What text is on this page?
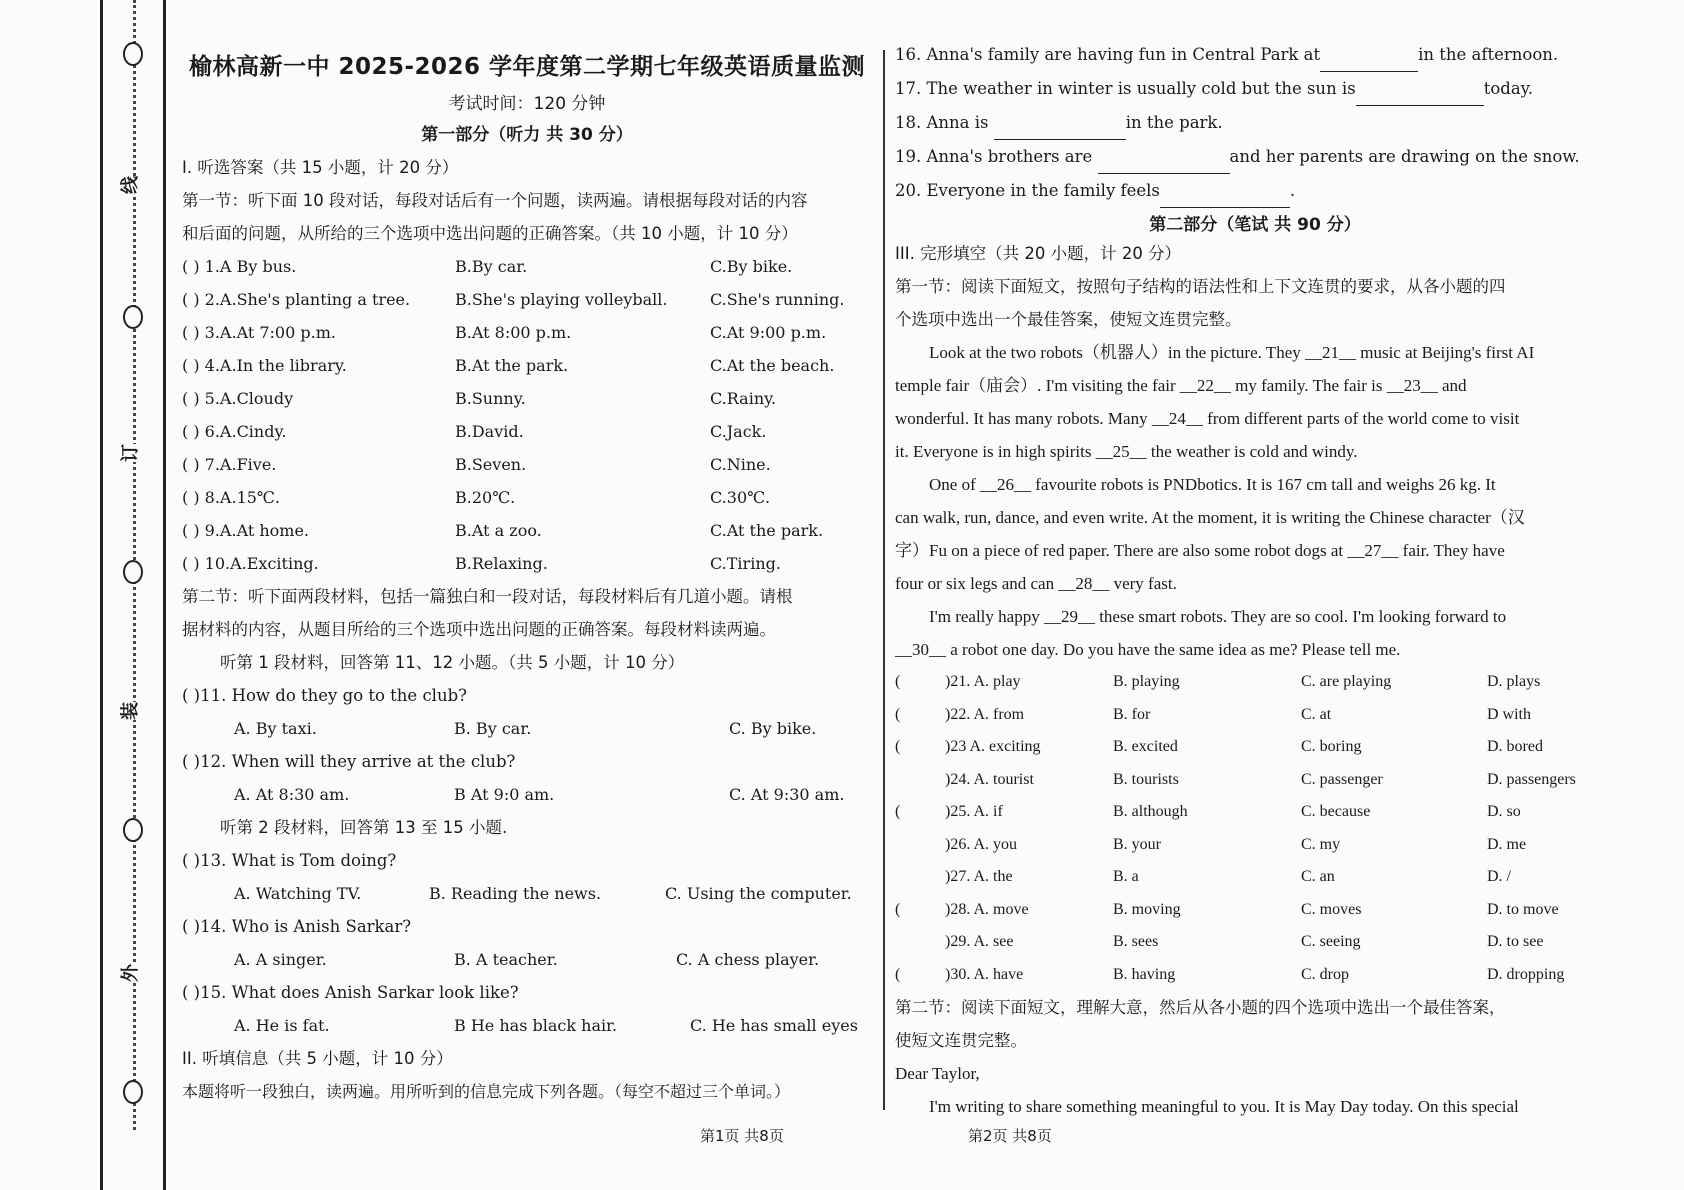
线
订
装
外
榆林高新一中 2025-2026 学年度第二学期七年级英语质量监测
考试时间：120 分钟
第一部分（听力 共 30 分）
I. 听选答案（共 15 小题，计 20 分）
第一节：听下面 10 段对话，每段对话后有一个问题，读两遍。请根据每段对话的内容
和后面的问题，从所给的三个选项中选出问题的正确答案。（共 10 小题，计 10 分）
( ) 1.A By bus.	B.By car.	C.By bike.
( ) 2.A.She's planting a tree.	B.She's playing volleyball.	C.She's running.
( ) 3.A.At 7:00 p.m.	B.At 8:00 p.m.	C.At 9:00 p.m.
( ) 4.A.In the library.	B.At the park.	C.At the beach.
( ) 5.A.Cloudy	B.Sunny.	C.Rainy.
( ) 6.A.Cindy.	B.David.	C.Jack.
( ) 7.A.Five.	B.Seven.	C.Nine.
( ) 8.A.15℃.	B.20℃.	C.30℃.
( ) 9.A.At home.	B.At a zoo.	C.At the park.
( ) 10.A.Exciting.	B.Relaxing.	C.Tiring.
第二节：听下面两段材料，包括一篇独白和一段对话，每段材料后有几道小题。请根
据材料的内容，从题目所给的三个选项中选出问题的正确答案。每段材料读两遍。
听第 1 段材料，回答第 11、12 小题。（共 5 小题，计 10 分）
( )11. How do they go to the club?
A. By taxi.	B. By car.	C. By bike.
( )12. When will they arrive at the club?
A. At 8:30 am.	B At 9:0 am.	C. At 9:30 am.
听第 2 段材料，回答第 13 至 15 小题.
( )13. What is Tom doing?
A. Watching TV.	B. Reading the news.	C. Using the computer.
( )14. Who is Anish Sarkar?
A. A singer.	B. A teacher.	C. A chess player.
( )15. What does Anish Sarkar look like?
A. He is fat.	B He has black hair.	C. He has small eyes
II. 听填信息（共 5 小题，计 10 分）
本题将听一段独白，读两遍。用所听到的信息完成下列各题。（每空不超过三个单词。）
第1页 共8页
16. Anna's family are having fun in Central Park at	in the afternoon.
17. The weather in winter is usually cold but the sun is	today.
18. Anna is	in the park.
19. Anna's brothers are	and her parents are drawing on the snow.
20. Everyone in the family feels	.
第二部分（笔试 共 90 分）
III. 完形填空（共 20 小题，计 20 分）
第一节：阅读下面短文，按照句子结构的语法性和上下文连贯的要求，从各小题的四
个选项中选出一个最佳答案，使短文连贯完整。
Look at the two robots（机器人）in the picture. They __21__ music at Beijing's first AI
temple fair（庙会）. I'm visiting the fair __22__ my family. The fair is __23__ and
wonderful. It has many robots. Many __24__ from different parts of the world come to visit
it. Everyone is in high spirits __25__ the weather is cold and windy.
One of __26__ favourite robots is PNDbotics. It is 167 cm tall and weighs 26 kg. It
can walk, run, dance, and even write. At the moment, it is writing the Chinese character（汉
字）Fu on a piece of red paper. There are also some robot dogs at __27__ fair. They have
four or six legs and can __28__ very fast.
I'm really happy __29__ these smart robots. They are so cool. I'm looking forward to
__30__ a robot one day. Do you have the same idea as me? Please tell me.
(	)21. A. play	B. playing	C. are playing	D. plays
(	)22. A. from	B. for	C. at	D with
(	)23 A. exciting	B. excited	C. boring	D. bored
)24. A. tourist	B. tourists	C. passenger	D. passengers
(	)25. A. if	B. although	C. because	D. so
)26. A. you	B. your	C. my	D. me
)27. A. the	B. a	C. an	D. /
(	)28. A. move	B. moving	C. moves	D. to move
)29. A. see	B. sees	C. seeing	D. to see
(	)30. A. have	B. having	C. drop	D. dropping
第二节：阅读下面短文，理解大意，然后从各小题的四个选项中选出一个最佳答案，
使短文连贯完整。
Dear Taylor,
I'm writing to share something meaningful to you. It is May Day today. On this special
第2页 共8页
